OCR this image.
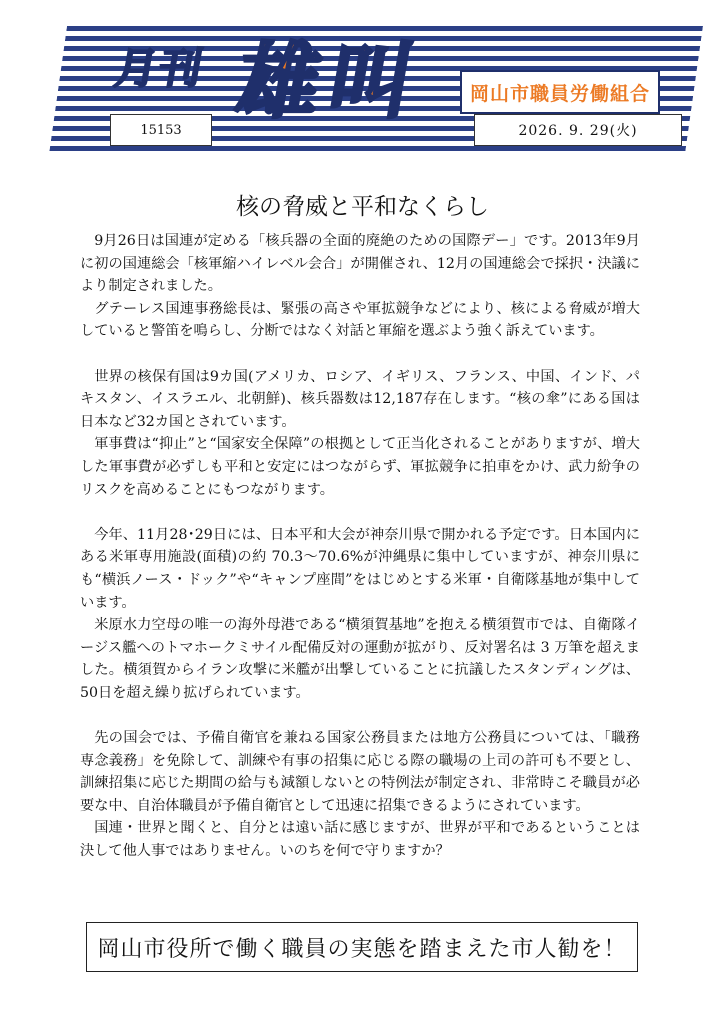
月刊 雄叫 岡山市職員労働組合
15153	2026. 9. 29(火)
核の脅威と平和なくらし

9月26日は国連が定める「核兵器の全面的廃絶のための国際デー」です。2013年9月に初の国連総会「核軍縮ハイレベル会合」が開催され、12月の国連総会で採択・決議により制定されました。

グテーレス国連事務総長は、緊張の高さや軍拡競争などにより、核による脅威が増大していると警笛を鳴らし、分断ではなく対話と軍縮を選ぶよう強く訴えています。

世界の核保有国は9カ国(アメリカ、ロシア、イギリス、フランス、中国、インド、パキスタン、イスラエル、北朝鮮)、核兵器数は12,187存在します。“核の傘”にある国は日本など32カ国とされています。

軍事費は“抑止”と“国家安全保障”の根拠として正当化されることがありますが、増大した軍事費が必ずしも平和と安定にはつながらず、軍拡競争に拍車をかけ、武力紛争のリスクを高めることにもつながります。

今年、11月28･29日には、日本平和大会が神奈川県で開かれる予定です。日本国内にある米軍専用施設(面積)の約 70.3～70.6%が沖縄県に集中していますが、神奈川県にも“横浜ノース・ドック”や“キャンプ座間”をはじめとする米軍・自衛隊基地が集中しています。

米原水力空母の唯一の海外母港である“横須賀基地”を抱える横須賀市では、自衛隊イージス艦へのトマホークミサイル配備反対の運動が拡がり、反対署名は 3 万筆を超えました。横須賀からイラン攻撃に米艦が出撃していることに抗議したスタンディングは、50日を超え繰り拡げられています。

先の国会では、予備自衛官を兼ねる国家公務員または地方公務員については、「職務専念義務」を免除して、訓練や有事の招集に応じる際の職場の上司の許可も不要とし、訓練招集に応じた期間の給与も減額しないとの特例法が制定され、非常時こそ職員が必要な中、自治体職員が予備自衛官として迅速に招集できるようにされています。

国連・世界と聞くと、自分とは遠い話に感じますが、世界が平和であるということは決して他人事ではありません。いのちを何で守りますか？

岡山市役所で働く職員の実態を踏まえた市人勧を！
